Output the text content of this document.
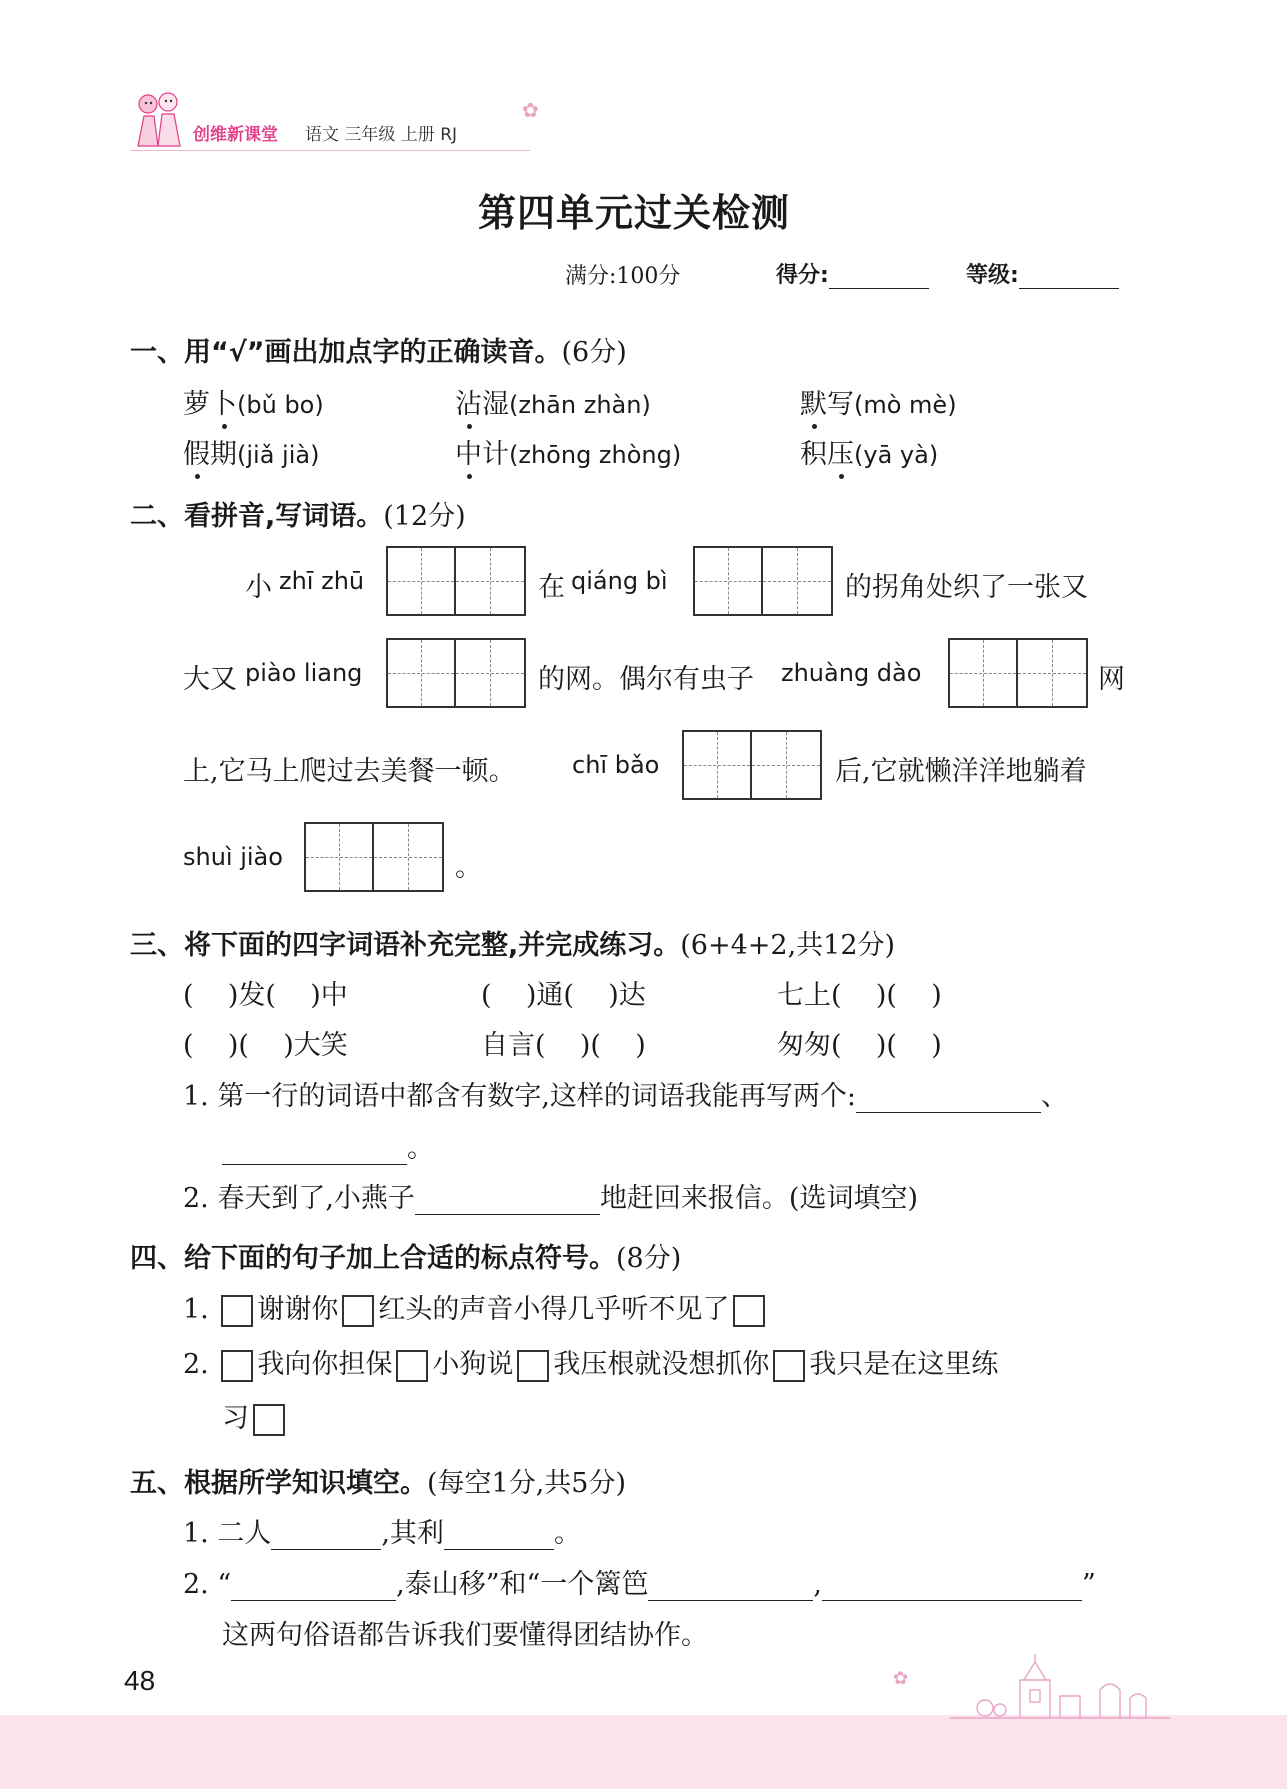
创维新课堂 语文 三年级 上册 RJ
✿
第四单元过关检测
满分:100分	得分:	等级:
一、用“√”画出加点字的正确读音。(6分)
萝卜(bǔ bo)	沾湿(zhān zhàn)	默写(mò mè)
假期(jiǎ jià)	中计(zhōng zhòng)	积压(yā yà)
二、看拼音,写词语。(12分)
小 zhī zhū	在 qiáng bì	的拐角处织了一张又
大又 piào liang	的网。偶尔有虫子 zhuàng dào	网
上,它马上爬过去美餐一顿。 chī bǎo	后,它就懒洋洋地躺着
shuì jiào	。
三、将下面的四字词语补充完整,并完成练习。(6+4+2,共12分)
(    )发(    )中	(    )通(    )达	七上(    )(    )
(    )(    )大笑	自言(    )(    )	匆匆(    )(    )
1. 第一行的词语中都含有数字,这样的词语我能再写两个:	、
。
2. 春天到了,小燕子	地赶回来报信。(选词填空)
四、给下面的句子加上合适的标点符号。(8分)
1. 谢谢你 红头的声音小得几乎听不见了
2. 我向你担保 小狗说 我压根就没想抓你 我只是在这里练
习
五、根据所学知识填空。(每空1分,共5分)
1. 二人	,其利	。
2. “	,泰山移”和“一个篱笆	,	”
这两句俗语都告诉我们要懂得团结协作。
48	✿
